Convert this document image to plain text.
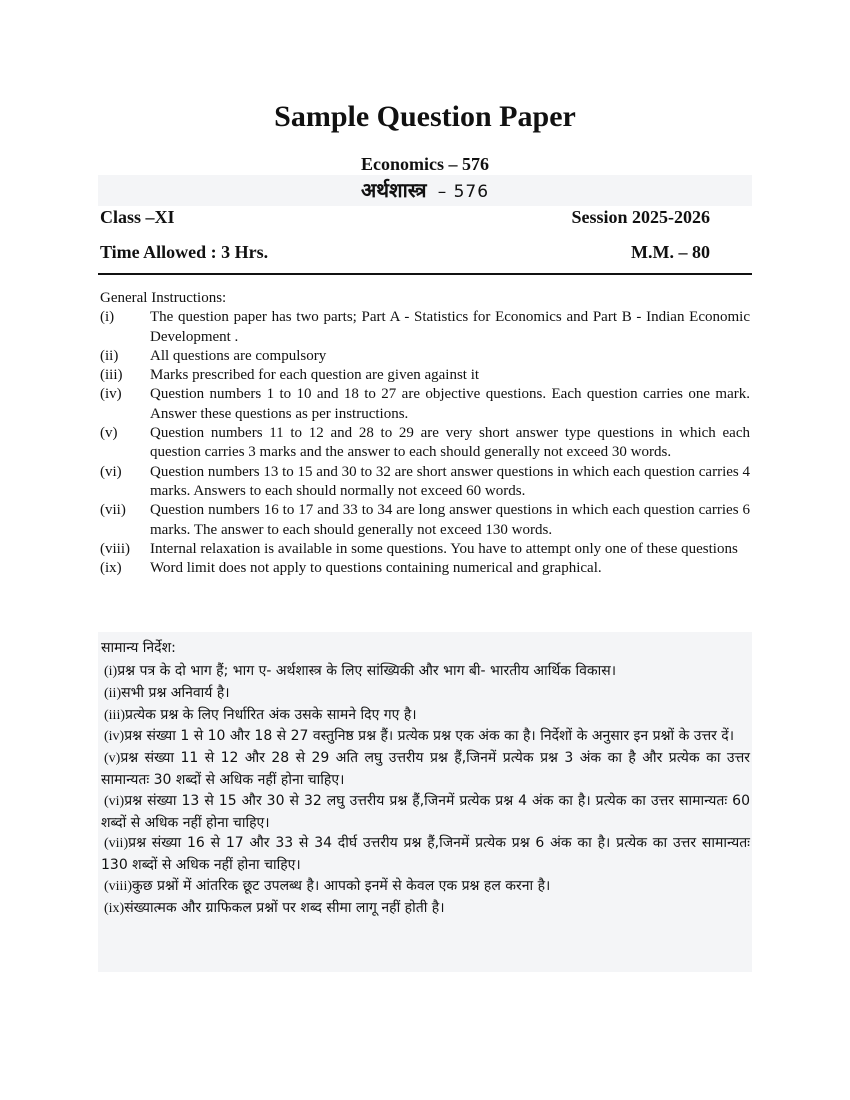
Sample Question Paper
Economics – 576
अर्थशास्त्र – 576
Class –XI	Session 2025-2026
Time Allowed : 3 Hrs.	M.M. – 80
General Instructions:
(i)	The question paper has two parts; Part A - Statistics for Economics and Part B - Indian Economic Development .
(ii)	All questions are compulsory
(iii)	Marks prescribed for each question are given against it
(iv)	Question numbers 1 to 10 and 18 to 27 are objective questions. Each question carries one mark. Answer these questions as per instructions.
(v)	Question numbers 11 to 12 and 28 to 29 are very short answer type questions in which each question carries 3 marks and the answer to each should generally not exceed 30 words.
(vi)	Question numbers 13 to 15 and 30 to 32 are short answer questions in which each question carries 4 marks. Answers to each should normally not exceed 60 words.
(vii)	Question numbers 16 to 17 and 33 to 34 are long answer questions in which each question carries 6 marks. The answer to each should generally not exceed 130 words.
(viii)	Internal relaxation is available in some questions. You have to attempt only one of these questions
(ix)	Word limit does not apply to questions containing numerical and graphical.
सामान्य निर्देश:

(i)प्रश्न पत्र के दो भाग हैं; भाग ए- अर्थशास्त्र के लिए सांख्यिकी और भाग बी- भारतीय आर्थिक विकास।

(ii)सभी प्रश्न अनिवार्य है।

(iii)प्रत्येक प्रश्न के लिए निर्धारित अंक उसके सामने दिए गए है।

(iv)प्रश्न संख्या 1 से 10 और 18 से 27 वस्तुनिष्ठ प्रश्न हैं। प्रत्येक प्रश्न एक अंक का है। निर्देशों के अनुसार इन प्रश्नों के उत्तर दें।

(v)प्रश्न संख्या 11 से 12 और 28 से 29 अति लघु उत्तरीय प्रश्न हैं,जिनमें प्रत्येक प्रश्न 3 अंक का है और प्रत्येक का उत्तर सामान्यतः 30 शब्दों से अधिक नहीं होना चाहिए।

(vi)प्रश्न संख्या 13 से 15 और 30 से 32 लघु उत्तरीय प्रश्न हैं,जिनमें प्रत्येक प्रश्न 4 अंक का है। प्रत्येक का उत्तर सामान्यतः 60 शब्दों से अधिक नहीं होना चाहिए।

(vii)प्रश्न संख्या 16 से 17 और 33 से 34 दीर्घ उत्तरीय प्रश्न हैं,जिनमें प्रत्येक प्रश्न 6 अंक का है। प्रत्येक का उत्तर सामान्यतः 130 शब्दों से अधिक नहीं होना चाहिए।

(viii)कुछ प्रश्नों में आंतरिक छूट उपलब्ध है। आपको इनमें से केवल एक प्रश्न हल करना है।

(ix)संख्यात्मक और ग्राफिकल प्रश्नों पर शब्द सीमा लागू नहीं होती है।
